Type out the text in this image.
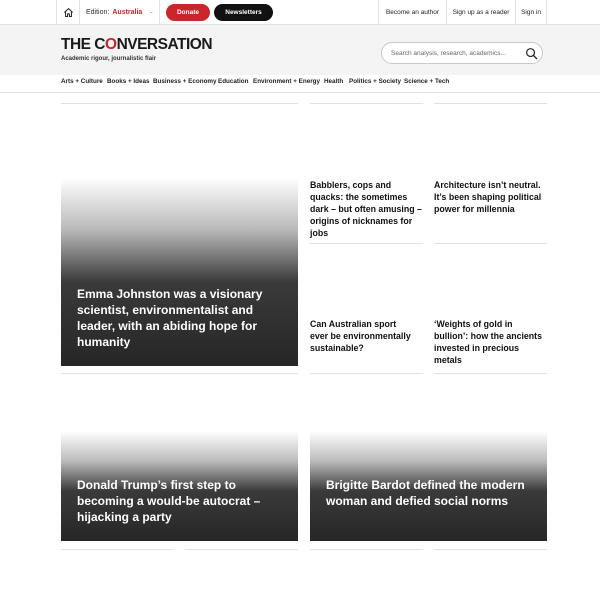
Edition: Australia	Donate	Newsletters	Become an author	Sign up as a reader	Sign in
THE CONVERSATION
Academic rigour, journalistic flair
Search analysis, research, academics...
Arts + Culture Books + Ideas Business + Economy Education Environment + Energy Health Politics + Society Science + Tech
Emma Johnston was a visionary scientist, environmentalist and leader, with an abiding hope for humanity
Babblers, cops and quacks: the sometimes dark – but often amusing – origins of nicknames for jobs
Architecture isn’t neutral. It’s been shaping political power for millennia
Can Australian sport ever be environmentally sustainable?
‘Weights of gold in bullion’: how the ancients invested in precious metals
Donald Trump’s first step to becoming a would-be autocrat – hijacking a party
Brigitte Bardot defined the modern woman and defied social norms
